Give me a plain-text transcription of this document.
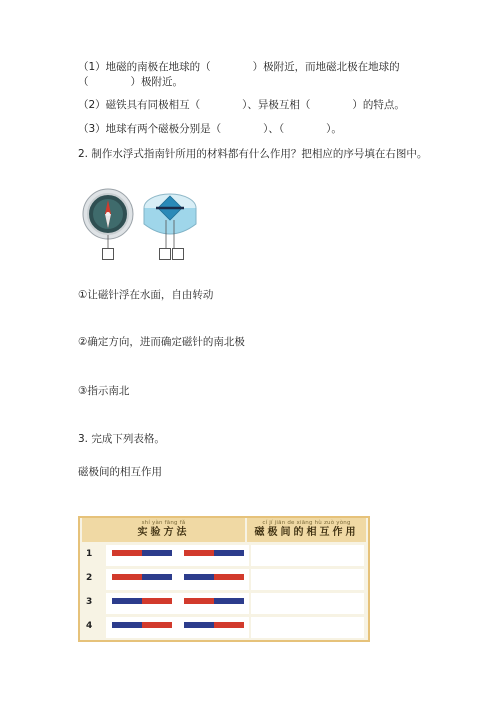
（1）地磁的南极在地球的（　　　　）极附近，而地磁北极在地球的
（　　　　）极附近。
（2）磁铁具有同极相互（　　　　）、异极互相（　　　　）的特点。
（3）地球有两个磁极分别是（　　　　）、（　　　　）。
2. 制作水浮式指南针所用的材料都有什么作用？把相应的序号填在右图中。
①让磁针浮在水面，自由转动
②确定方向，进而确定磁针的南北极
③指示南北
3. 完成下列表格。
磁极间的相互作用
shí yàn fāng fǎ
实验方法
cí jí jiān de xiāng hù zuò yòng
磁极间的相互作用
1
2
3
4
